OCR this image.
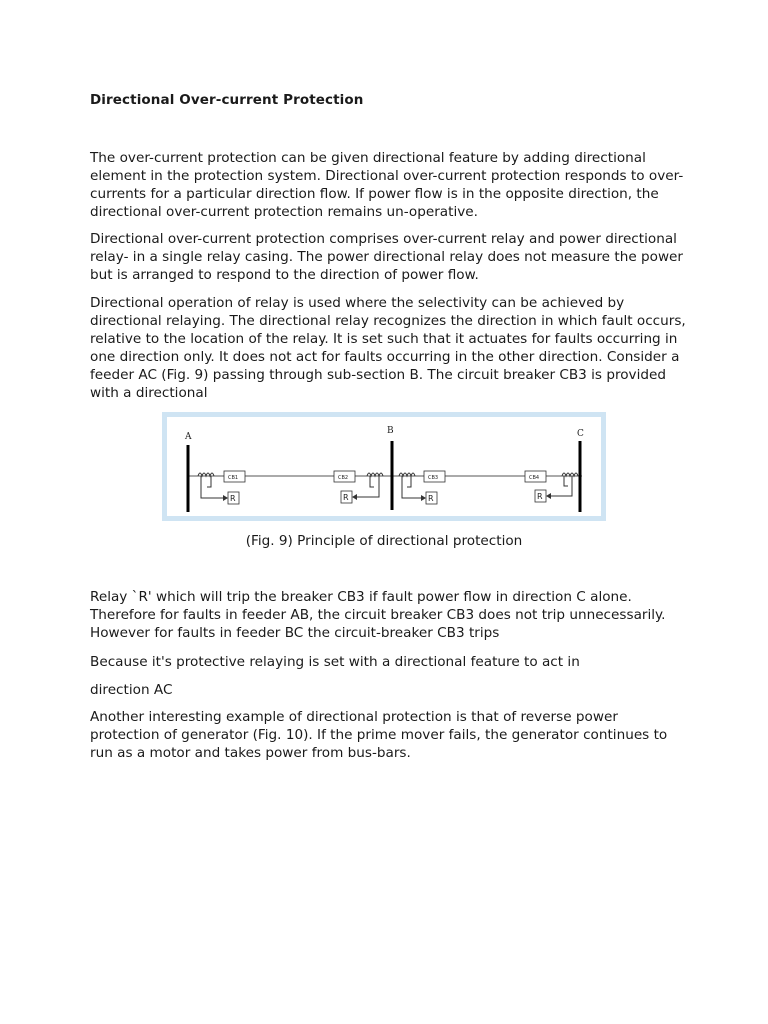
Directional Over-current Protection

The over-current protection can be given directional feature by adding directional element in the protection system. Directional over-current protection responds to over-currents for a particular direction flow. If power flow is in the opposite direction, the directional over-current protection remains un-operative.

Directional over-current protection comprises over-current relay and power directional relay- in a single relay casing. The power directional relay does not measure the power but is arranged to respond to the direction of power flow.

Directional operation of relay is used where the selectivity can be achieved by directional relaying. The directional relay recognizes the direction in which fault occurs, relative to the location of the relay. It is set such that it actuates for faults occurring in one direction only. It does not act for faults occurring in the other direction. Consider a feeder AC (Fig. 9) passing through sub-section B. The circuit breaker CB3 is provided with a directional

(Fig. 9) Principle of directional protection

Relay `R' which will trip the breaker CB3 if fault power flow in direction C alone. Therefore for faults in feeder AB, the circuit breaker CB3 does not trip unnecessarily. However for faults in feeder BC the circuit-breaker CB3 trips

Because it's protective relaying is set with a directional feature to act in

direction AC

Another interesting example of directional protection is that of reverse power protection of generator (Fig. 10). If the prime mover fails, the generator continues to run as a motor and takes power from bus-bars.

A
B	C
CB1	CB2	CB3	CB4
R	R	R	R
